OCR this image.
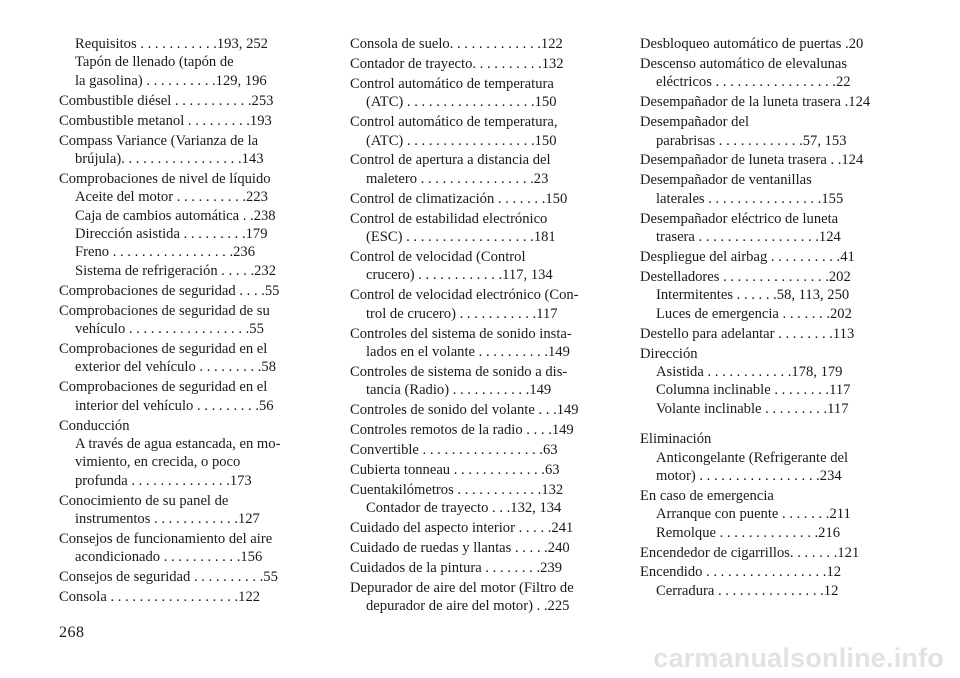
Requisitos . . . . . . . . . . .193, 252
Tapón de llenado (tapón de
la gasolina) . . . . . . . . . .129, 196
Combustible diésel . . . . . . . . . . .253
Combustible metanol . . . . . . . . .193
Compass Variance (Varianza de la
brújula). . . . . . . . . . . . . . . . .143
Comprobaciones de nivel de líquido
Aceite del motor . . . . . . . . . .223
Caja de cambios automática . .238
Dirección asistida . . . . . . . . .179
Freno . . . . . . . . . . . . . . . . .236
Sistema de refrigeración . . . . .232
Comprobaciones de seguridad . . . .55
Comprobaciones de seguridad de su
vehículo . . . . . . . . . . . . . . . . .55
Comprobaciones de seguridad en el
exterior del vehículo . . . . . . . . .58
Comprobaciones de seguridad en el
interior del vehículo . . . . . . . . .56
Conducción
A través de agua estancada, en mo-
vimiento, en crecida, o poco
profunda . . . . . . . . . . . . . .173
Conocimiento de su panel de
instrumentos . . . . . . . . . . . .127
Consejos de funcionamiento del aire
acondicionado . . . . . . . . . . .156
Consejos de seguridad . . . . . . . . . .55
Consola . . . . . . . . . . . . . . . . . .122
Consola de suelo. . . . . . . . . . . . .122
Contador de trayecto. . . . . . . . . .132
Control automático de temperatura
(ATC) . . . . . . . . . . . . . . . . . .150
Control automático de temperatura,
(ATC) . . . . . . . . . . . . . . . . . .150
Control de apertura a distancia del
maletero . . . . . . . . . . . . . . . .23
Control de climatización . . . . . . .150
Control de estabilidad electrónico
(ESC) . . . . . . . . . . . . . . . . . .181
Control de velocidad (Control
crucero) . . . . . . . . . . . .117, 134
Control de velocidad electrónico (Con-
trol de crucero) . . . . . . . . . . .117
Controles del sistema de sonido insta-
lados en el volante . . . . . . . . . .149
Controles de sistema de sonido a dis-
tancia (Radio) . . . . . . . . . . .149
Controles de sonido del volante . . .149
Controles remotos de la radio . . . .149
Convertible . . . . . . . . . . . . . . . . .63
Cubierta tonneau . . . . . . . . . . . . .63
Cuentakilómetros . . . . . . . . . . . .132
Contador de trayecto . . .132, 134
Cuidado del aspecto interior . . . . .241
Cuidado de ruedas y llantas . . . . .240
Cuidados de la pintura . . . . . . . .239
Depurador de aire del motor (Filtro de
depurador de aire del motor) . .225
Desbloqueo automático de puertas .20
Descenso automático de elevalunas
eléctricos . . . . . . . . . . . . . . . . .22
Desempañador de la luneta trasera .124
Desempañador del
parabrisas . . . . . . . . . . . .57, 153
Desempañador de luneta trasera . .124
Desempañador de ventanillas
laterales . . . . . . . . . . . . . . . .155
Desempañador eléctrico de luneta
trasera . . . . . . . . . . . . . . . . .124
Despliegue del airbag . . . . . . . . . .41
Destelladores . . . . . . . . . . . . . . .202
Intermitentes . . . . . .58, 113, 250
Luces de emergencia . . . . . . .202
Destello para adelantar . . . . . . . .113
Dirección
Asistida . . . . . . . . . . . .178, 179
Columna inclinable . . . . . . . .117
Volante inclinable . . . . . . . . .117
Eliminación
Anticongelante (Refrigerante del
motor) . . . . . . . . . . . . . . . . .234
En caso de emergencia
Arranque con puente . . . . . . .211
Remolque . . . . . . . . . . . . . .216
Encendedor de cigarrillos. . . . . . .121
Encendido . . . . . . . . . . . . . . . . .12
Cerradura . . . . . . . . . . . . . . .12
268
carmanualsonline.info
